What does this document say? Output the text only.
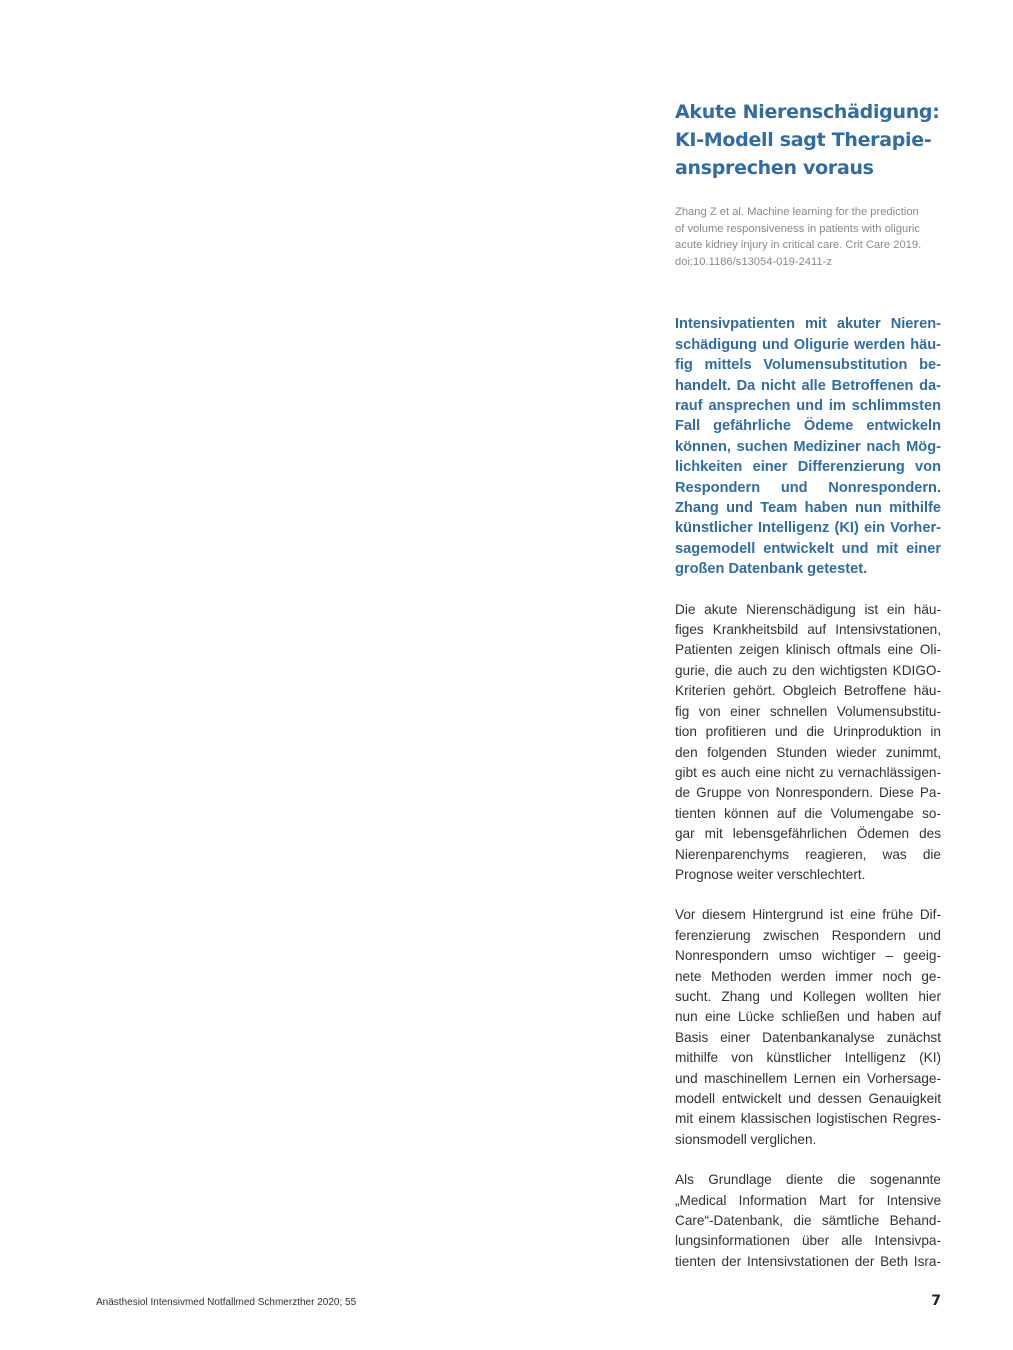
Akute Nierenschädigung:
KI-Modell sagt Therapie-
ansprechen voraus

Zhang Z et al. Machine learning for the prediction
of volume responsiveness in patients with oliguric
acute kidney injury in critical care. Crit Care 2019.
doi:10.1186/s13054-019-2411-z

Intensivpatienten mit akuter Nieren-
schädigung und Oligurie werden häu-
fig mittels Volumensubstitution be-
handelt. Da nicht alle Betroffenen da-
rauf ansprechen und im schlimmsten
Fall gefährliche Ödeme entwickeln
können, suchen Mediziner nach Mög-
lichkeiten einer Differenzierung von
Respondern und Nonrespondern.
Zhang und Team haben nun mithilfe
künstlicher Intelligenz (KI) ein Vorher-
sagemodell entwickelt und mit einer
großen Datenbank getestet.

Die akute Nierenschädigung ist ein häu-
figes Krankheitsbild auf Intensivstationen,
Patienten zeigen klinisch oftmals eine Oli-
gurie, die auch zu den wichtigsten KDIGO-
Kriterien gehört. Obgleich Betroffene häu-
fig von einer schnellen Volumensubstitu-
tion profitieren und die Urinproduktion in
den folgenden Stunden wieder zunimmt,
gibt es auch eine nicht zu vernachlässigen-
de Gruppe von Nonrespondern. Diese Pa-
tienten können auf die Volumengabe so-
gar mit lebensgefährlichen Ödemen des
Nierenparenchyms reagieren, was die
Prognose weiter verschlechtert.

Vor diesem Hintergrund ist eine frühe Dif-
ferenzierung zwischen Respondern und
Nonrespondern umso wichtiger – geeig-
nete Methoden werden immer noch ge-
sucht. Zhang und Kollegen wollten hier
nun eine Lücke schließen und haben auf
Basis einer Datenbankanalyse zunächst
mithilfe von künstlicher Intelligenz (KI)
und maschinellem Lernen ein Vorhersage-
modell entwickelt und dessen Genauigkeit
mit einem klassischen logistischen Regres-
sionsmodell verglichen.

Als Grundlage diente die sogenannte
„Medical Information Mart for Intensive
Care“-Datenbank, die sämtliche Behand-
lungsinformationen über alle Intensivpa-
tienten der Intensivstationen der Beth Isra-

Anästhesiol Intensivmed Notfallmed Schmerzther 2020; 55	7
